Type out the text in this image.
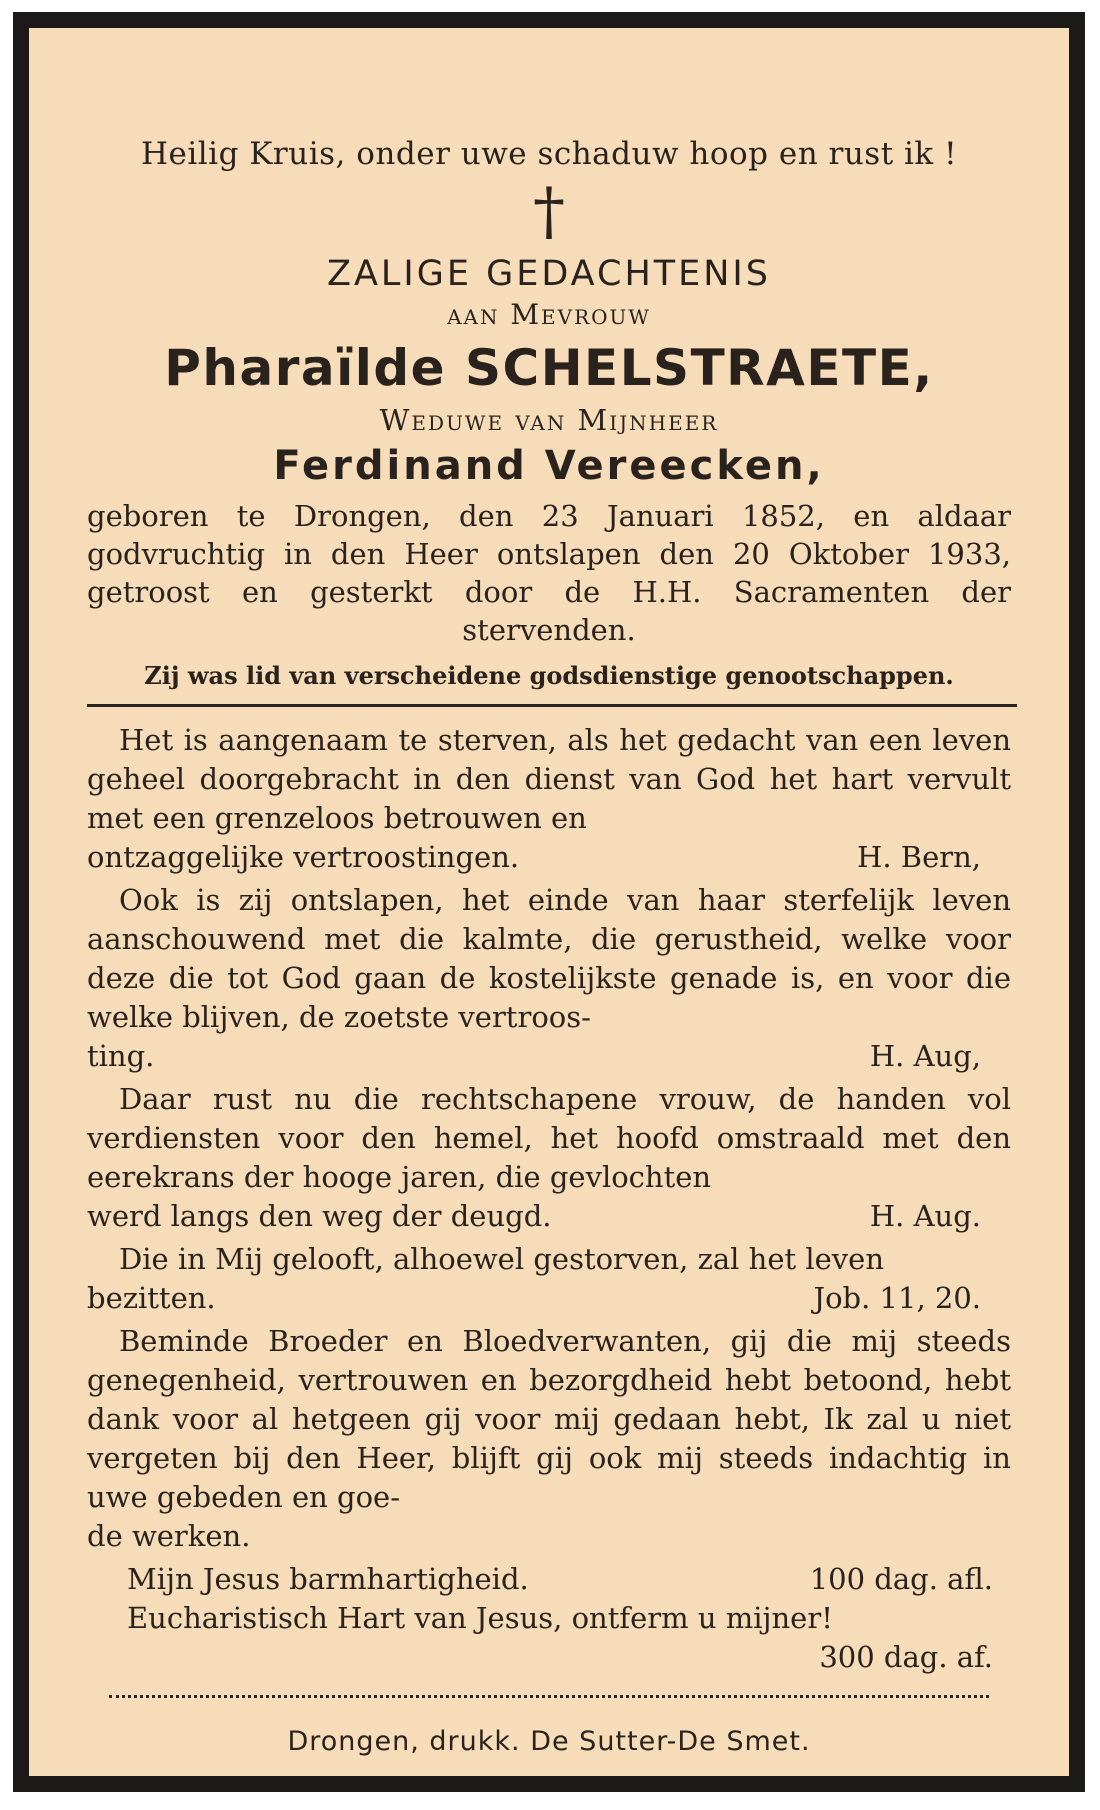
Heilig Kruis, onder uwe schaduw hoop en rust ik !
†
ZALIGE GEDACHTENIS
aan Mevrouw
Pharaïlde SCHELSTRAETE,
Weduwe van Mijnheer
Ferdinand Vereecken,
geboren te Drongen, den 23 Januari 1852, en aldaar godvruchtig in den Heer ontslapen den 20 Oktober 1933, getroost en gesterkt door de H.H. Sacramenten der stervenden.
Zij was lid van verscheidene godsdienstige genootschappen.
Het is aangenaam te sterven, als het gedacht van een leven geheel doorgebracht in den dienst van God het hart vervult met een grenzeloos betrouwen en
ontzaggelijke vertroostingen.	H. Bern,
Ook is zij ontslapen, het einde van haar sterfelijk leven aanschouwend met die kalmte, die gerustheid, welke voor deze die tot God gaan de kostelijkste genade is, en voor die welke blijven, de zoetste vertroos-
ting.	H. Aug,
Daar rust nu die rechtschapene vrouw, de handen vol verdiensten voor den hemel, het hoofd omstraald met den eerekrans der hooge jaren, die gevlochten
werd langs den weg der deugd.	H. Aug.
Die in Mij gelooft, alhoewel gestorven, zal het leven
bezitten.	Job. 11, 20.
Beminde Broeder en Bloedverwanten, gij die mij steeds genegenheid, vertrouwen en bezorgdheid hebt betoond, hebt dank voor al hetgeen gij voor mij gedaan hebt, Ik zal u niet vergeten bij den Heer, blijft gij ook mij steeds indachtig in uwe gebeden en goe-
de werken.
Mijn Jesus barmhartigheid.	100 dag. afl.
Eucharistisch Hart van Jesus, ontferm u mijner!
300 dag. af.
Drongen, drukk. De Sutter-De Smet.
